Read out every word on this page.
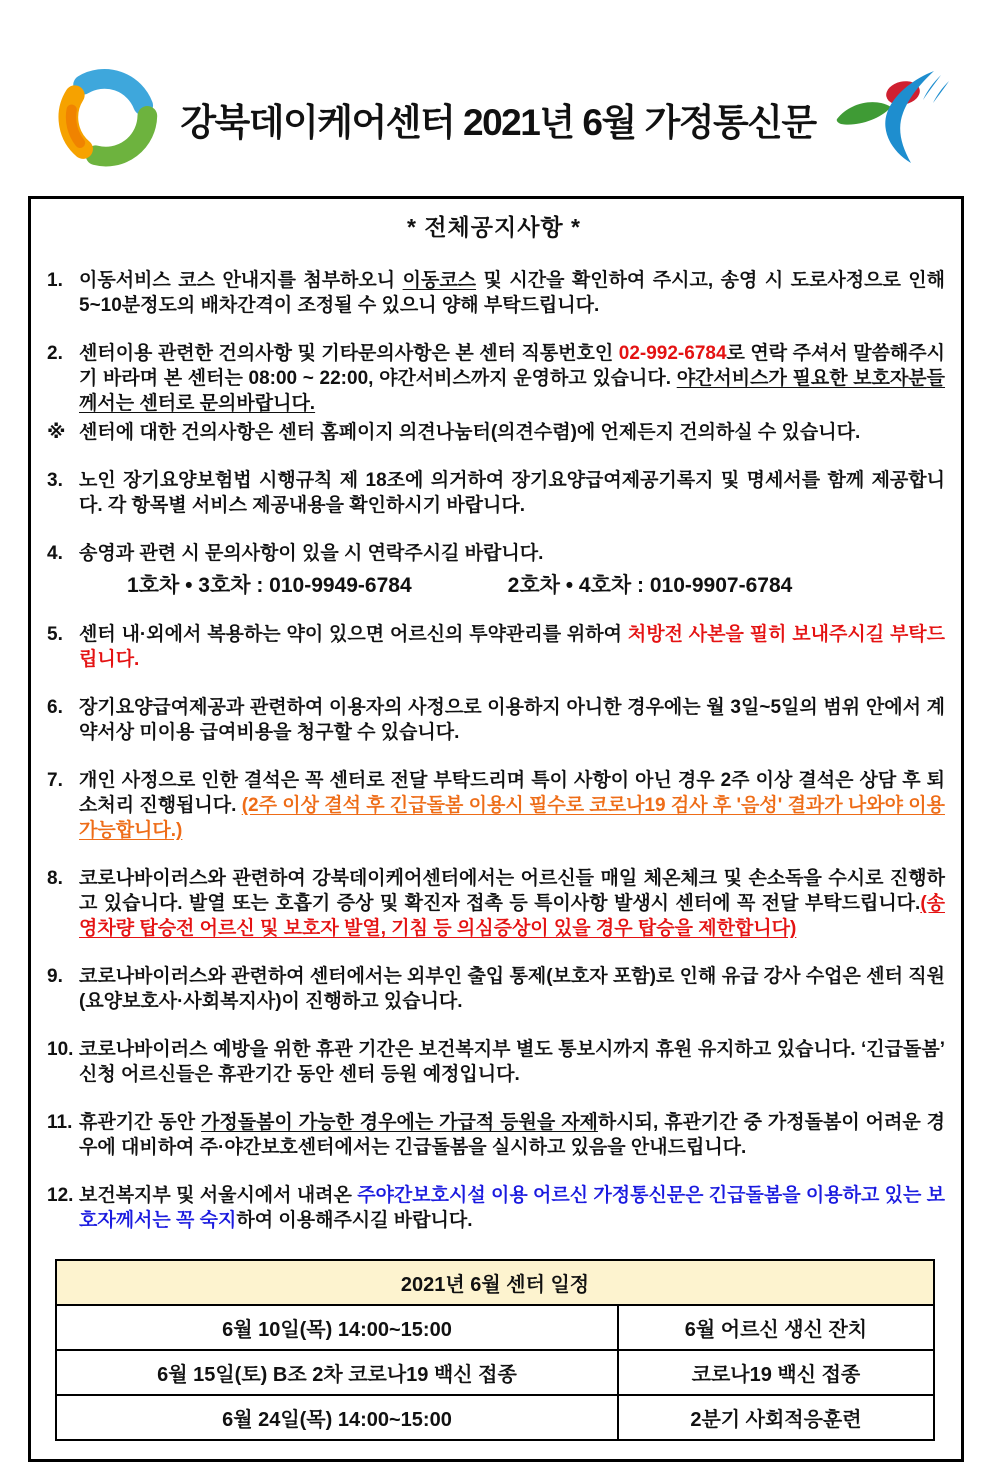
강북데이케어센터 2021년 6월 가정통신문
* 전체공지사항 *
1. 이동서비스 코스 안내지를 첨부하오니 이동코스 및 시간을 확인하여 주시고, 송영 시 도로사정으로 인해 5~10분정도의 배차간격이 조정될 수 있으니 양해 부탁드립니다.
2. 센터이용 관련한 건의사항 및 기타문의사항은 본 센터 직통번호인 02-992-6784로 연락 주셔서 말씀해주시기 바라며 본 센터는 08:00 ~ 22:00, 야간서비스까지 운영하고 있습니다. 야간서비스가 필요한 보호자분들께서는 센터로 문의바랍니다.
※ 센터에 대한 건의사항은 센터 홈페이지 의견나눔터(의견수렴)에 언제든지 건의하실 수 있습니다.
3. 노인 장기요양보험법 시행규칙 제 18조에 의거하여 장기요양급여제공기록지 및 명세서를 함께 제공합니다. 각 항목별 서비스 제공내용을 확인하시기 바랍니다.
4. 송영과 관련 시 문의사항이 있을 시 연락주시길 바랍니다.
1호차 • 3호차 : 010-9949-6784	2호차 • 4호차 : 010-9907-6784
5. 센터 내·외에서 복용하는 약이 있으면 어르신의 투약관리를 위하여 처방전 사본을 필히 보내주시길 부탁드립니다.
6. 장기요양급여제공과 관련하여 이용자의 사정으로 이용하지 아니한 경우에는 월 3일~5일의 범위 안에서 계약서상 미이용 급여비용을 청구할 수 있습니다.
7. 개인 사정으로 인한 결석은 꼭 센터로 전달 부탁드리며 특이 사항이 아닌 경우 2주 이상 결석은 상담 후 퇴소처리 진행됩니다. (2주 이상 결석 후 긴급돌봄 이용시 필수로 코로나19 검사 후 '음성' 결과가 나와야 이용 가능합니다.)
8. 코로나바이러스와 관련하여 강북데이케어센터에서는 어르신들 매일 체온체크 및 손소독을 수시로 진행하고 있습니다. 발열 또는 호흡기 증상 및 확진자 접촉 등 특이사항 발생시 센터에 꼭 전달 부탁드립니다.(송영차량 탑승전 어르신 및 보호자 발열, 기침 등 의심증상이 있을 경우 탑승을 제한합니다)
9. 코로나바이러스와 관련하여 센터에서는 외부인 출입 통제(보호자 포함)로 인해 유급 강사 수업은 센터 직원(요양보호사·사회복지사)이 진행하고 있습니다.
10. 코로나바이러스 예방을 위한 휴관 기간은 보건복지부 별도 통보시까지 휴원 유지하고 있습니다. ‘긴급돌봄’ 신청 어르신들은 휴관기간 동안 센터 등원 예정입니다.
11. 휴관기간 동안 가정돌봄이 가능한 경우에는 가급적 등원을 자제하시되, 휴관기간 중 가정돌봄이 어려운 경우에 대비하여 주·야간보호센터에서는 긴급돌봄을 실시하고 있음을 안내드립니다.
12. 보건복지부 및 서울시에서 내려온 주야간보호시설 이용 어르신 가정통신문은 긴급돌봄을 이용하고 있는 보호자께서는 꼭 숙지하여 이용해주시길 바랍니다.
2021년 6월 센터 일정	
6월 10일(목) 14:00~15:00	6월 어르신 생신 잔치
6월 15일(토) B조 2차 코로나19 백신 접종	코로나19 백신 접종
6월 24일(목) 14:00~15:00	2분기 사회적응훈련
